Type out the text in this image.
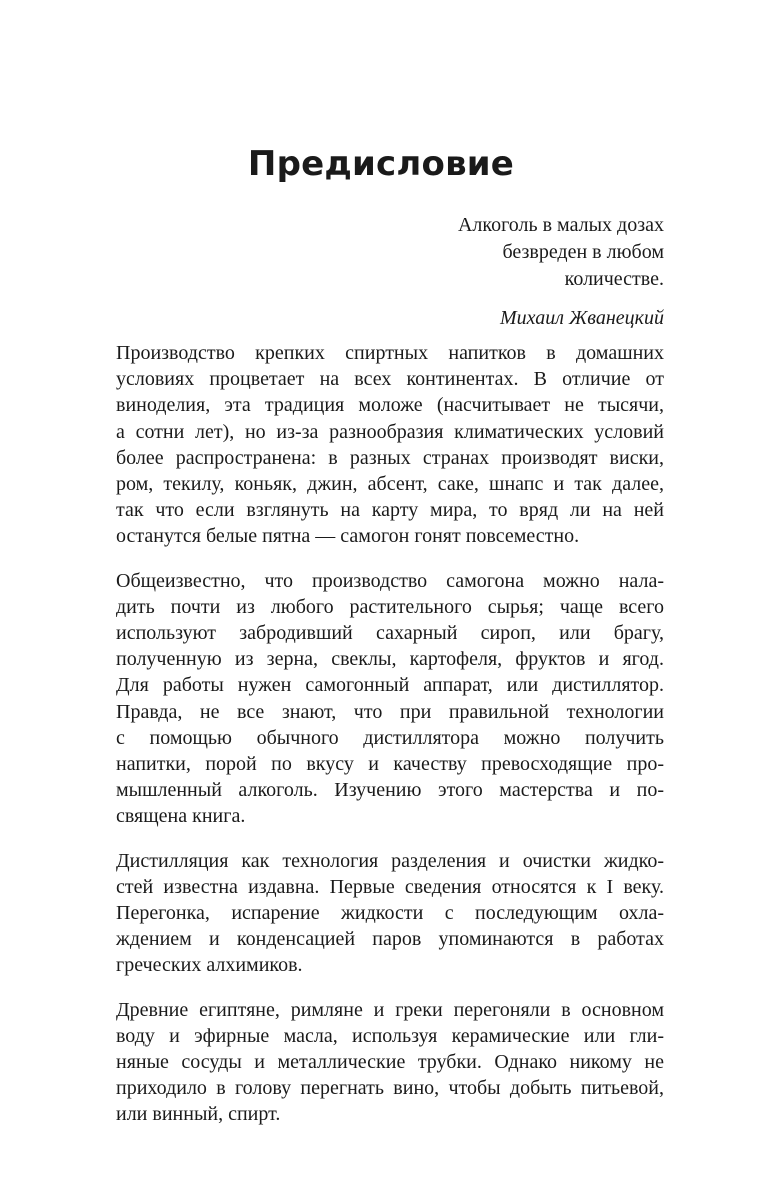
Предисловие
Алкоголь в малых дозах
безвреден в любом
количестве.
Михаил Жванецкий

Производство крепких спиртных напитков в домашних
условиях процветает на всех континентах. В отличие от
виноделия, эта традиция моложе (насчитывает не тысячи,
а сотни лет), но из-за разнообразия климатических условий
более распространена: в разных странах производят виски,
ром, текилу, коньяк, джин, абсент, саке, шнапс и так далее,
так что если взглянуть на карту мира, то вряд ли на ней
останутся белые пятна — самогон гонят повсеместно.

Общеизвестно, что производство самогона можно нала-
дить почти из любого растительного сырья; чаще всего
используют забродивший сахарный сироп, или брагу,
полученную из зерна, свеклы, картофеля, фруктов и ягод.
Для работы нужен самогонный аппарат, или дистиллятор.
Правда, не все знают, что при правильной технологии
с помощью обычного дистиллятора можно получить
напитки, порой по вкусу и качеству превосходящие про-
мышленный алкоголь. Изучению этого мастерства и по-
священа книга.

Дистилляция как технология разделения и очистки жидко-
стей известна издавна. Первые сведения относятся к I веку.
Перегонка, испарение жидкости с последующим охла-
ждением и конденсацией паров упоминаются в работах
греческих алхимиков.

Древние египтяне, римляне и греки перегоняли в основном
воду и эфирные масла, используя керамические или гли-
няные сосуды и металлические трубки. Однако никому не
приходило в голову перегнать вино, чтобы добыть питьевой,
или винный, спирт.
